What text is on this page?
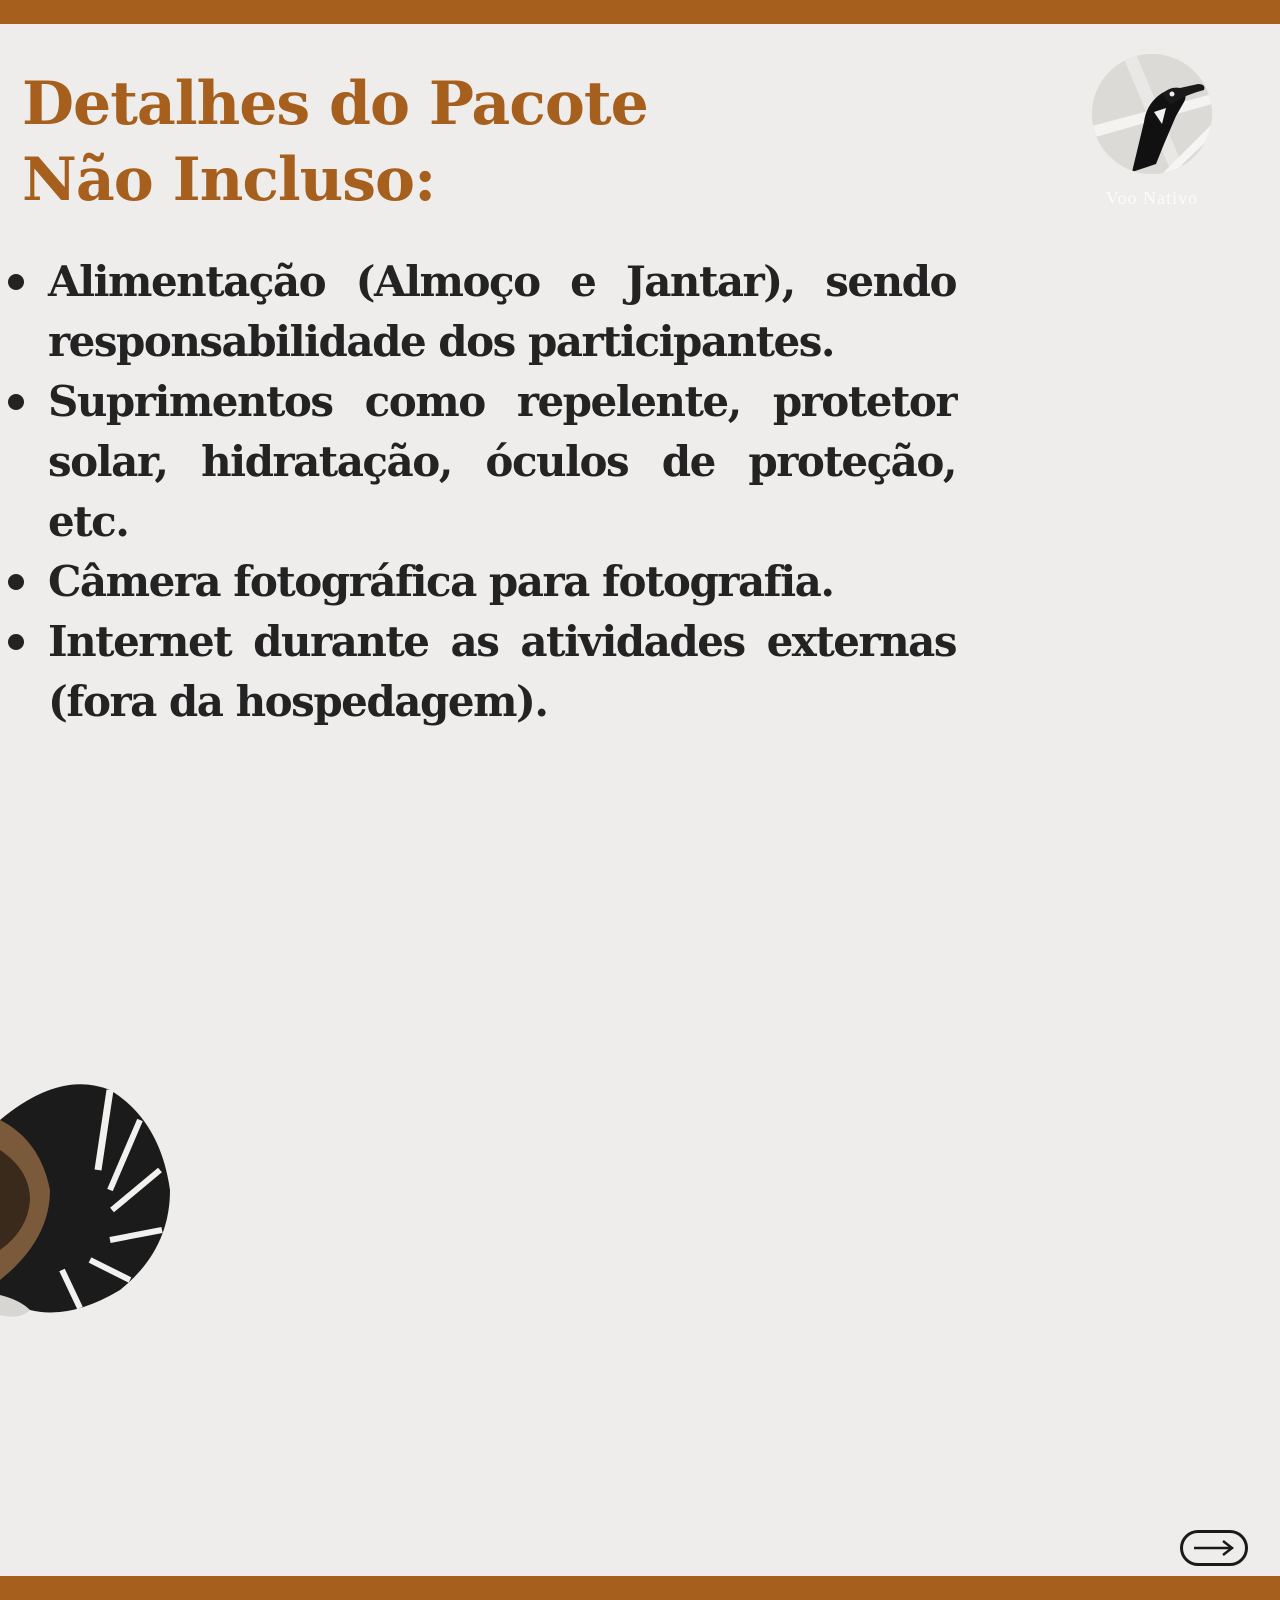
Detalhes do Pacote
Não Incluso:	Voo Nativo
Alimentação (Almoço e Jantar), sendo responsabilidade dos participantes.
Suprimentos como repelente, protetor solar, hidratação, óculos de proteção, etc.
Câmera fotográfica para fotografia.
Internet durante as atividades externas (fora da hospedagem).
